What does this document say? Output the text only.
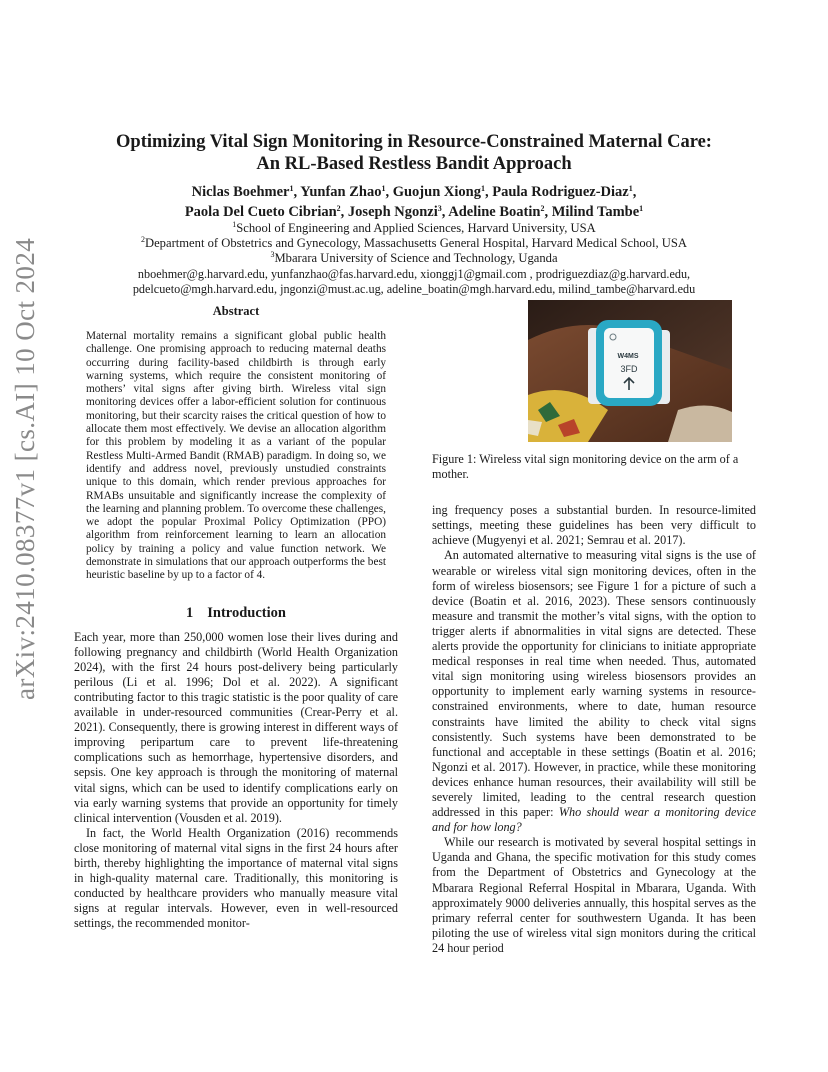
arXiv:2410.08377v1 [cs.AI] 10 Oct 2024
Optimizing Vital Sign Monitoring in Resource-Constrained Maternal Care:
An RL-Based Restless Bandit Approach
Niclas Boehmer$^1$, Yunfan Zhao$^1$, Guojun Xiong$^1$, Paula Rodriguez-Diaz$^1$,
Paola Del Cueto Cibrian$^2$, Joseph Ngonzi$^3$, Adeline Boatin$^2$, Milind Tambe$^1$
$^1$School of Engineering and Applied Sciences, Harvard University, USA
$^2$Department of Obstetrics and Gynecology, Massachusetts General Hospital, Harvard Medical School, USA
$^3$Mbarara University of Science and Technology, Uganda
nboehmer@g.harvard.edu, yunfanzhao@fas.harvard.edu, xionggj1@gmail.com , prodriguezdiaz@g.harvard.edu,
pdelcueto@mgh.harvard.edu, jngonzi@must.ac.ug, adeline_boatin@mgh.harvard.edu, milind_tambe@harvard.edu
Abstract

Maternal mortality remains a significant global public health challenge. One promising approach to reducing maternal deaths occurring during facility-based childbirth is through early warning systems, which require the consistent monitoring of mothers’ vital signs after giving birth. Wireless vital sign monitoring devices offer a labor-efficient solution for continuous monitoring, but their scarcity raises the critical question of how to allocate them most effectively. We devise an allocation algorithm for this problem by modeling it as a variant of the popular Restless Multi-Armed Bandit (RMAB) paradigm. In doing so, we identify and address novel, previously unstudied constraints unique to this domain, which render previous approaches for RMABs unsuitable and significantly increase the complexity of the learning and planning problem. To overcome these challenges, we adopt the popular Proximal Policy Optimization (PPO) algorithm from reinforcement learning to learn an allocation policy by training a policy and value function network. We demonstrate in simulations that our approach outperforms the best heuristic baseline by up to a factor of 4.

1 Introduction

Each year, more than 250,000 women lose their lives during and following pregnancy and childbirth (World Health Organization 2024), with the first 24 hours post-delivery being particularly perilous (Li et al. 1996; Dol et al. 2022). A significant contributing factor to this tragic statistic is the poor quality of care available in under-resourced communities (Crear-Perry et al. 2021). Consequently, there is growing interest in different ways of improving peripartum care to prevent life-threatening complications such as hemorrhage, hypertensive disorders, and sepsis. One key approach is through the monitoring of maternal vital signs, which can be used to identify complications early on via early warning systems that provide an opportunity for timely clinical intervention (Vousden et al. 2019).

In fact, the World Health Organization (2016) recommends close monitoring of maternal vital signs in the first 24 hours after birth, thereby highlighting the importance of maternal vital signs in high-quality maternal care. Traditionally, this monitoring is conducted by healthcare providers who manually measure vital signs at regular intervals. However, even in well-resourced settings, the recommended monitor-

W4MS
3FD

Figure 1: Wireless vital sign monitoring device on the arm of a mother.

ing frequency poses a substantial burden. In resource-limited settings, meeting these guidelines has been very difficult to achieve (Mugyenyi et al. 2021; Semrau et al. 2017).

An automated alternative to measuring vital signs is the use of wearable or wireless vital sign monitoring devices, often in the form of wireless biosensors; see Figure 1 for a picture of such a device (Boatin et al. 2016, 2023). These sensors continuously measure and transmit the mother’s vital signs, with the option to trigger alerts if abnormalities in vital signs are detected. These alerts provide the opportunity for clinicians to initiate appropriate medical responses in real time when needed. Thus, automated vital sign monitoring using wireless biosensors provides an opportunity to implement early warning systems in resource-constrained environments, where to date, human resource constraints have limited the ability to check vital signs consistently. Such systems have been demonstrated to be functional and acceptable in these settings (Boatin et al. 2016; Ngonzi et al. 2017). However, in practice, while these monitoring devices enhance human resources, their availability will still be severely limited, leading to the central research question addressed in this paper: Who should wear a monitoring device and for how long?

While our research is motivated by several hospital settings in Uganda and Ghana, the specific motivation for this study comes from the Department of Obstetrics and Gynecology at the Mbarara Regional Referral Hospital in Mbarara, Uganda. With approximately 9000 deliveries annually, this hospital serves as the primary referral center for southwestern Uganda. It has been piloting the use of wireless vital sign monitors during the critical 24 hour period
